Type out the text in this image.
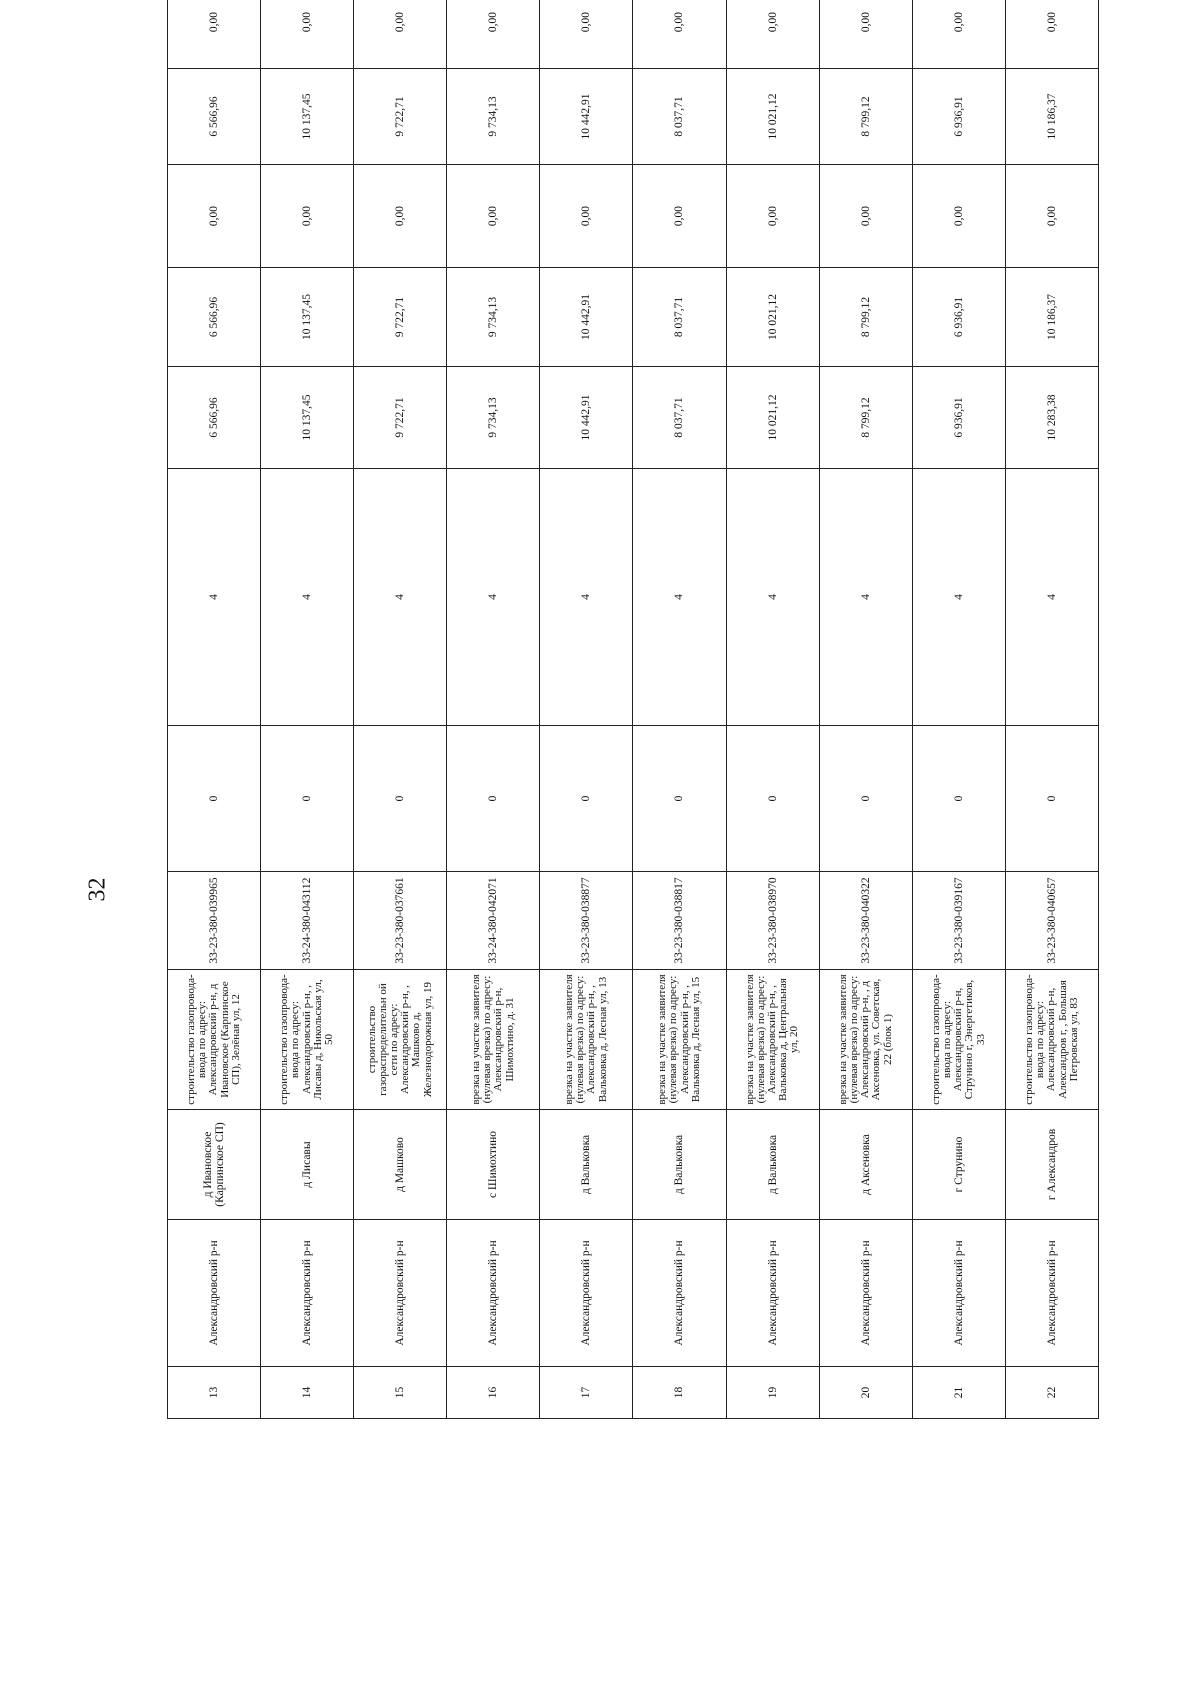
32
13	Александровский р-н	д Ивановское (Карпинское СП)	строительство газопровода-ввода по адресу: Александровский р-н, д Ивановское (Карпинское СП), Зелёная ул, 12	33-23-380-039965	0	4	6 566,96	6 566,96	0,00	6 566,96	0,00	
14	Александровский р-н	д Лисавы	строительство газопровода-ввода по адресу: Александровский р-н, , Лисавы д, Никольская ул, 50	33-24-380-043112	0	4	10 137,45	10 137,45	0,00	10 137,45	0,00	
15	Александровский р-н	д Машково	строительство газораспределительн ой сети по адресу: Александровский р-н, , Машково д, Железнодорожная ул, 19	33-23-380-037661	0	4	9 722,71	9 722,71	0,00	9 722,71	0,00	
16	Александровский р-н	с Шимохтино	врезка на участке заявителя (нулевая врезка) по адресу: Александровский р-н, Шимохтино, д. 31	33-24-380-042071	0	4	9 734,13	9 734,13	0,00	9 734,13	0,00	
17	Александровский р-н	д Вальковка	врезка на участке заявителя (нулевая врезка) по адресу: Александровский р-н, , Вальковка д, Лесная ул, 13	33-23-380-038877	0	4	10 442,91	10 442,91	0,00	10 442,91	0,00	
18	Александровский р-н	д Вальковка	врезка на участке заявителя (нулевая врезка) по адресу: Александровский р-н, , Вальковка д, Лесная ул, 15	33-23-380-038817	0	4	8 037,71	8 037,71	0,00	8 037,71	0,00	
19	Александровский р-н	д Вальковка	врезка на участке заявителя (нулевая врезка) по адресу: Александровский р-н, , Вальковка д, Центральная ул, 20	33-23-380-038970	0	4	10 021,12	10 021,12	0,00	10 021,12	0,00	
20	Александровский р-н	д Аксеновка	врезка на участке заявителя (нулевая врезка) по адресу: Александровский р-н, , д Аксеновка, ул. Советская, 22 (блок 1)	33-23-380-040322	0	4	8 799,12	8 799,12	0,00	8 799,12	0,00	
21	Александровский р-н	г Струнино	строительство газопровода-ввода по адресу: Александровский р-н, Струнино г, Энергетиков, 33	33-23-380-039167	0	4	6 936,91	6 936,91	0,00	6 936,91	0,00	
22	Александровский р-н	г Александров	строительство газопровода-ввода по адресу: Александровский р-н, Александров г, , Большая Петровская ул, 83	33-23-380-040657	0	4	10 283,38	10 186,37	0,00	10 186,37	0,00	
